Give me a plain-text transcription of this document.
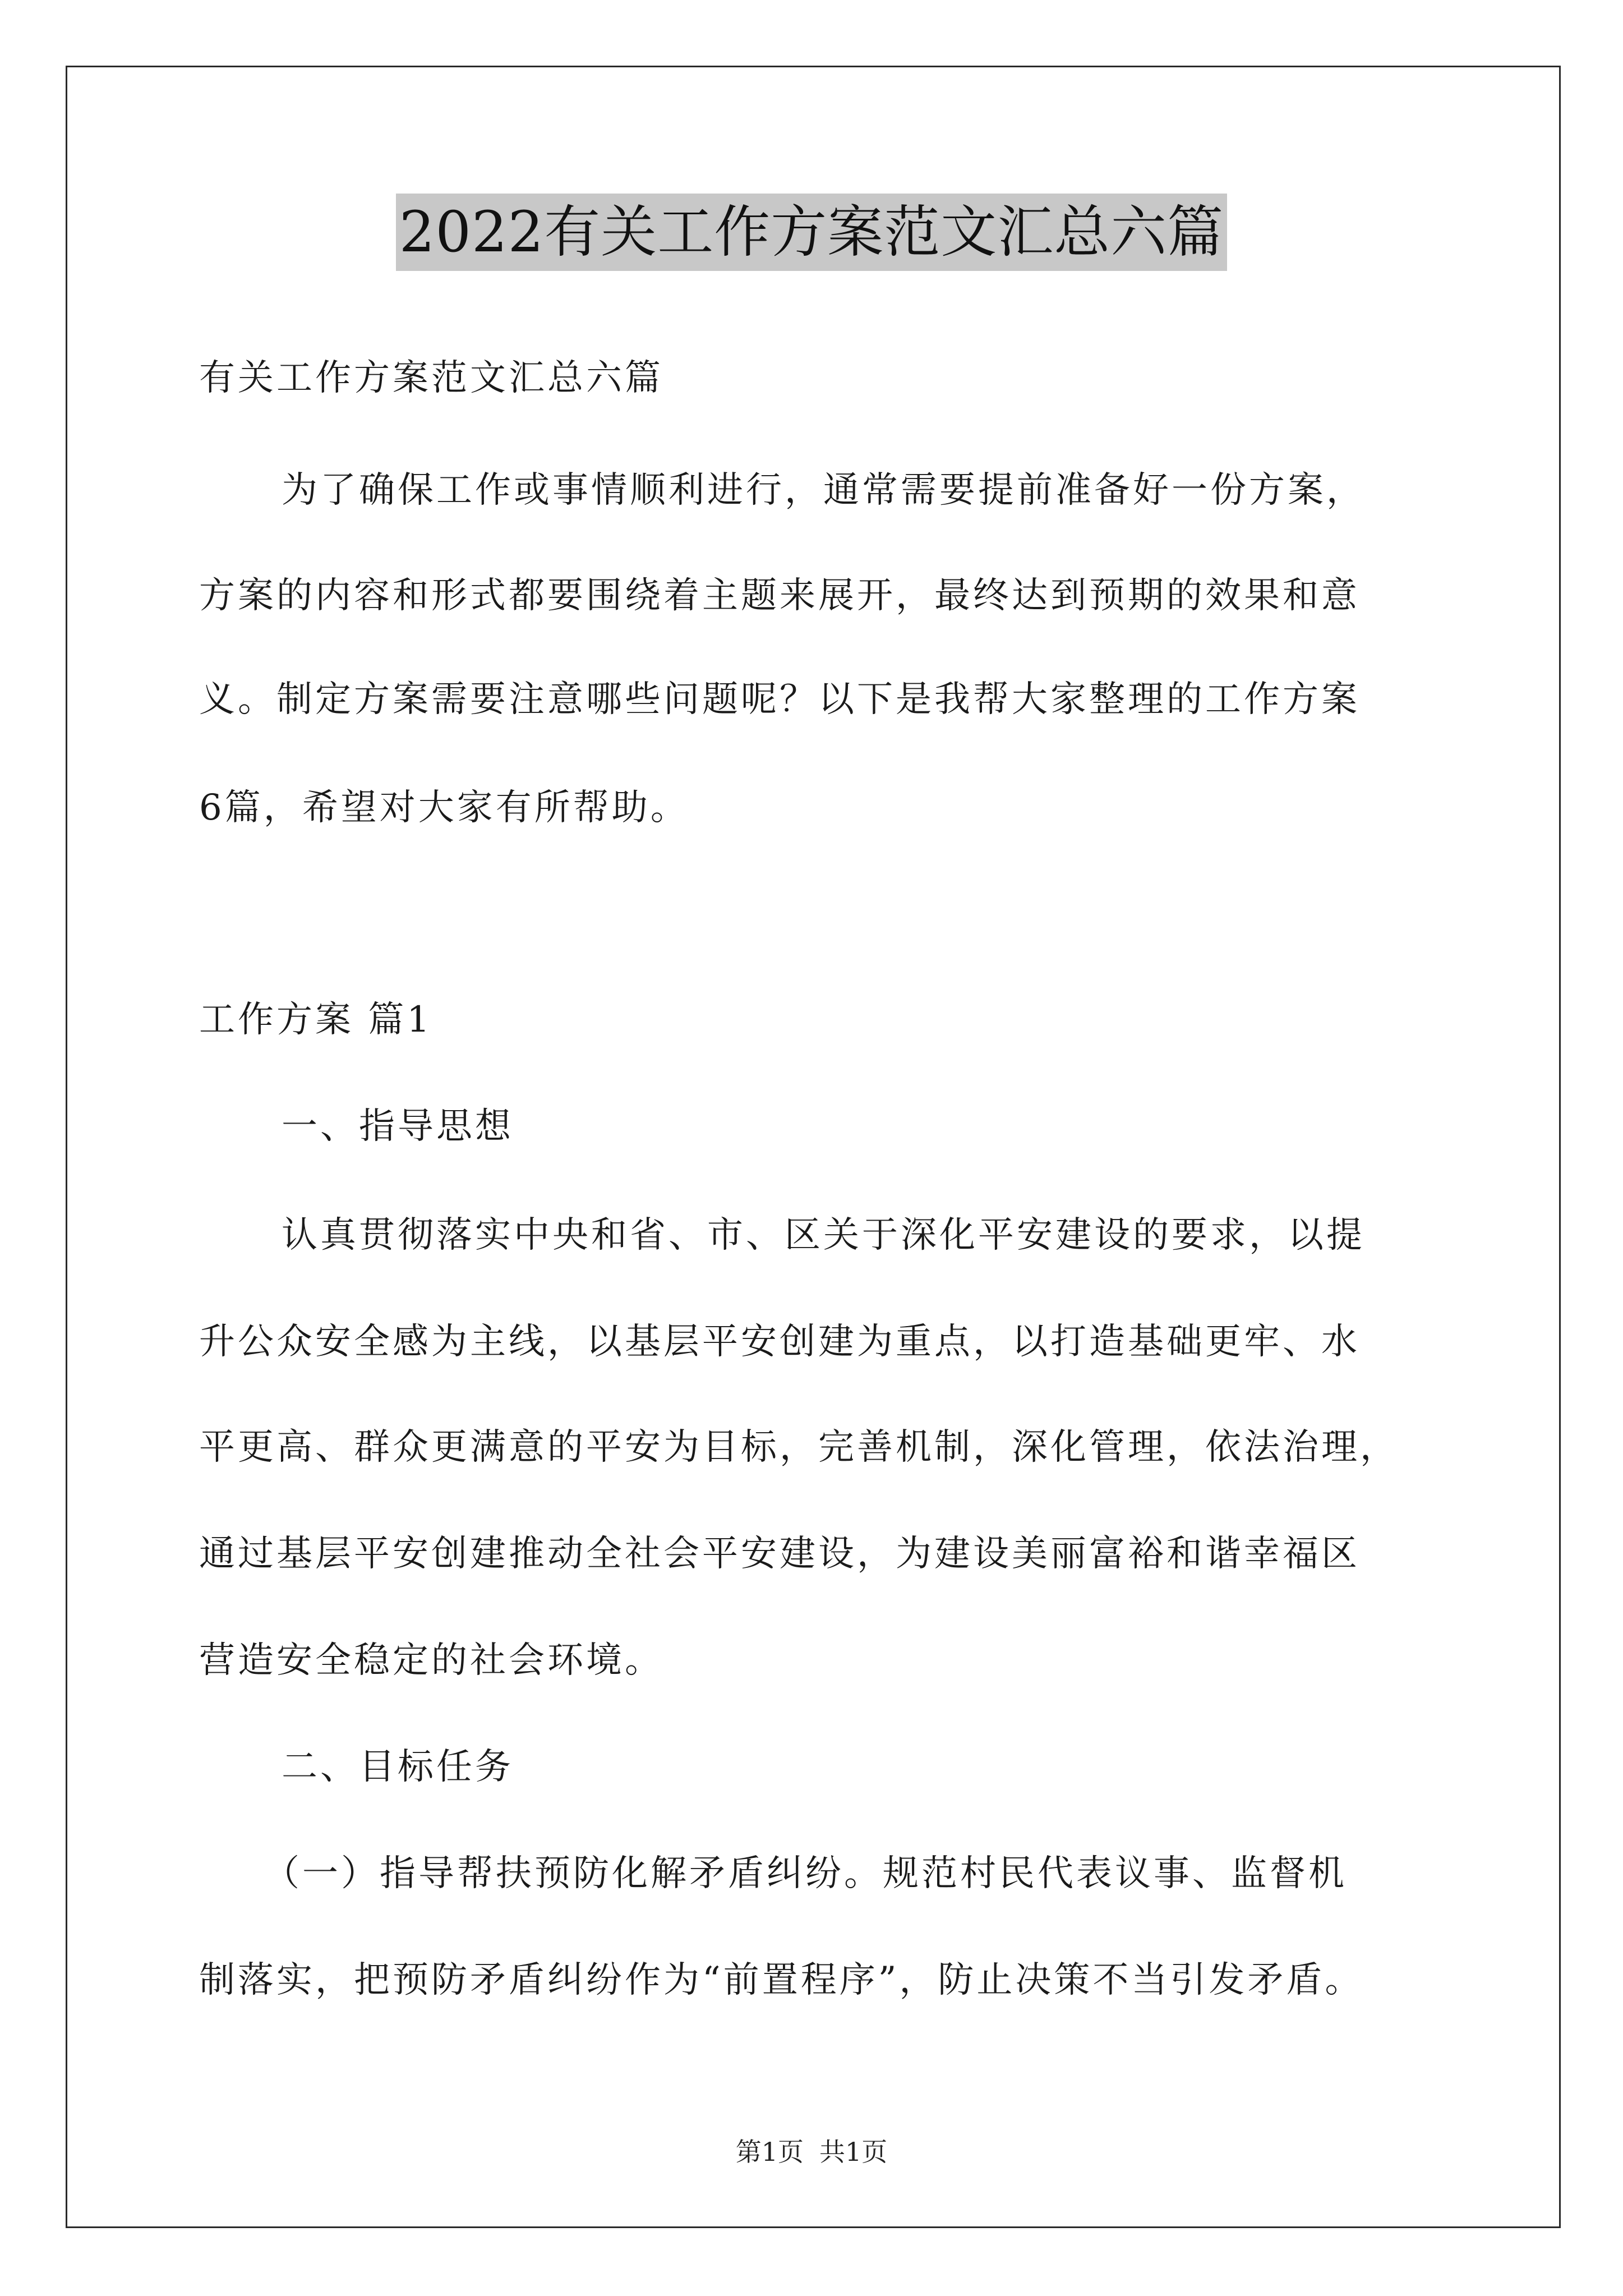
2022有关工作方案范文汇总六篇
有关工作方案范文汇总六篇
为了确保工作或事情顺利进行，通常需要提前准备好一份方案，
方案的内容和形式都要围绕着主题来展开，最终达到预期的效果和意
义。制定方案需要注意哪些问题呢？以下是我帮大家整理的工作方案
6篇，希望对大家有所帮助。
工作方案 篇1
一、指导思想
认真贯彻落实中央和省、市、区关于深化平安建设的要求，以提
升公众安全感为主线，以基层平安创建为重点，以打造基础更牢、水
平更高、群众更满意的平安为目标，完善机制，深化管理，依法治理，
通过基层平安创建推动全社会平安建设，为建设美丽富裕和谐幸福区
营造安全稳定的社会环境。
二、目标任务
（一）指导帮扶预防化解矛盾纠纷。规范村民代表议事、监督机
制落实，把预防矛盾纠纷作为“前置程序”，防止决策不当引发矛盾。
第1页 共1页
